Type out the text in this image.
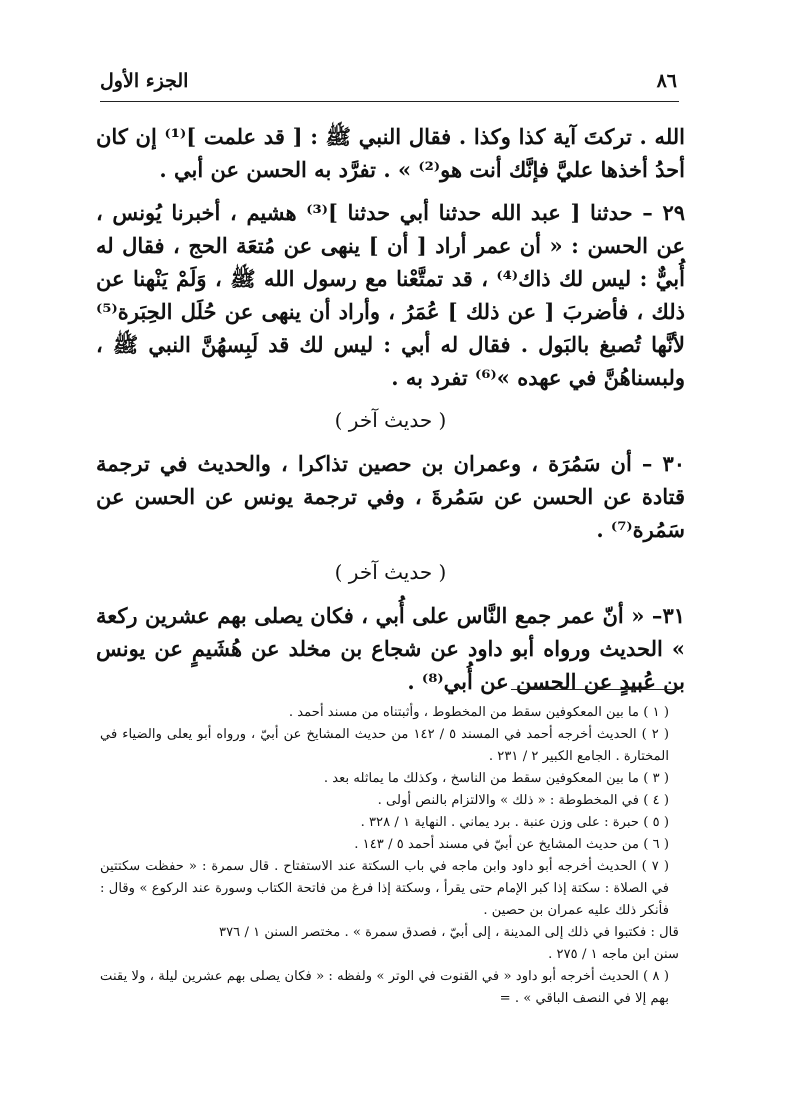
٨٦
الجزء الأول

الله . تركتَ آية كذا وكذا . فقال النبي ﷺ : [ قد علمت ]⁽¹⁾ إن كان أحدُ أخذها عليَّ فإنَّك أنت هو⁽²⁾ » . تفرَّد به الحسن عن أبي .

٢٩ – حدثنا [ عبد الله حدثنا أبي حدثنا ]⁽³⁾ هشيم ، أخبرنا يُونس ، عن الحسن : « أن عمر أراد [ أن ] ينهى عن مُتعَة الحج ، فقال له أُبيٌّ : ليس لك ذاك⁽⁴⁾ ، قد تمتَّعْنا مع رسول الله ﷺ ، وَلَمْ يَنْهنا عن ذلك ، فأضربَ [ عن ذلك ] عُمَرُ ، وأراد أن ينهى عن حُلَل الحِبَرة⁽⁵⁾ لأنَّها تُصبغ بالبَول . فقال له أبي : ليس لك قد لَبِسهُنَّ النبي ﷺ ، ولبسناهُنَّ في عهده »⁽⁶⁾ تفرد به .

( حديث آخر )

٣٠ – أن سَمُرَة ، وعمران بن حصين تذاكرا ، والحديث في ترجمة قتادة عن الحسن عن سَمُرةَ ، وفي ترجمة يونس عن الحسن عن سَمُرة⁽⁷⁾ .

( حديث آخر )

٣١– « أنّ عمر جمع النَّاس على أُبي ، فكان يصلى بهم عشرين ركعة » الحديث ورواه أبو داود عن شجاع بن مخلد عن هُشَيمٍ عن يونس بن عُبيدٍ عن الحسن عن أُبي⁽⁸⁾ .

( ١ ) ما بين المعكوفين سقط من المخطوط ، وأثبتناه من مسند أحمد .

( ٢ ) الحديث أخرجه أحمد في المسند ٥ / ١٤٢ من حديث المشايخ عن أبيّ ، ورواه أبو يعلى والضياء في المختارة . الجامع الكبير ٢ / ٢٣١ .

( ٣ ) ما بين المعكوفين سقط من الناسخ ، وكذلك ما يماثله بعد .

( ٤ ) في المخطوطة : « ذلك » والالتزام بالنص أولى .

( ٥ ) حبرة : على وزن عنبة . برد يماني . النهاية ١ / ٣٢٨ .

( ٦ ) من حديث المشايخ عن أبيّ في مسند أحمد ٥ / ١٤٣ .

( ٧ ) الحديث أخرجه أبو داود وابن ماجه في باب السكتة عند الاستفتاح . قال سمرة : « حفظت سكتتين في الصلاة : سكتة إذا كبر الإمام حتى يقرأ ، وسكتة إذا فرغ من فاتحة الكتاب وسورة عند الركوع » وقال : فأنكر ذلك عليه عمران بن حصين .

قال : فكتبوا في ذلك إلى المدينة ، إلى أبيّ ، فصدق سمرة » . مختصر السنن ١ / ٣٧٦

سنن ابن ماجه ١ / ٢٧٥ .

( ٨ ) الحديث أخرجه أبو داود « في القنوت في الوتر » ولفظه : « فكان يصلى بهم عشرين ليلة ، ولا يقنت بهم إلا في النصف الباقي » . =
